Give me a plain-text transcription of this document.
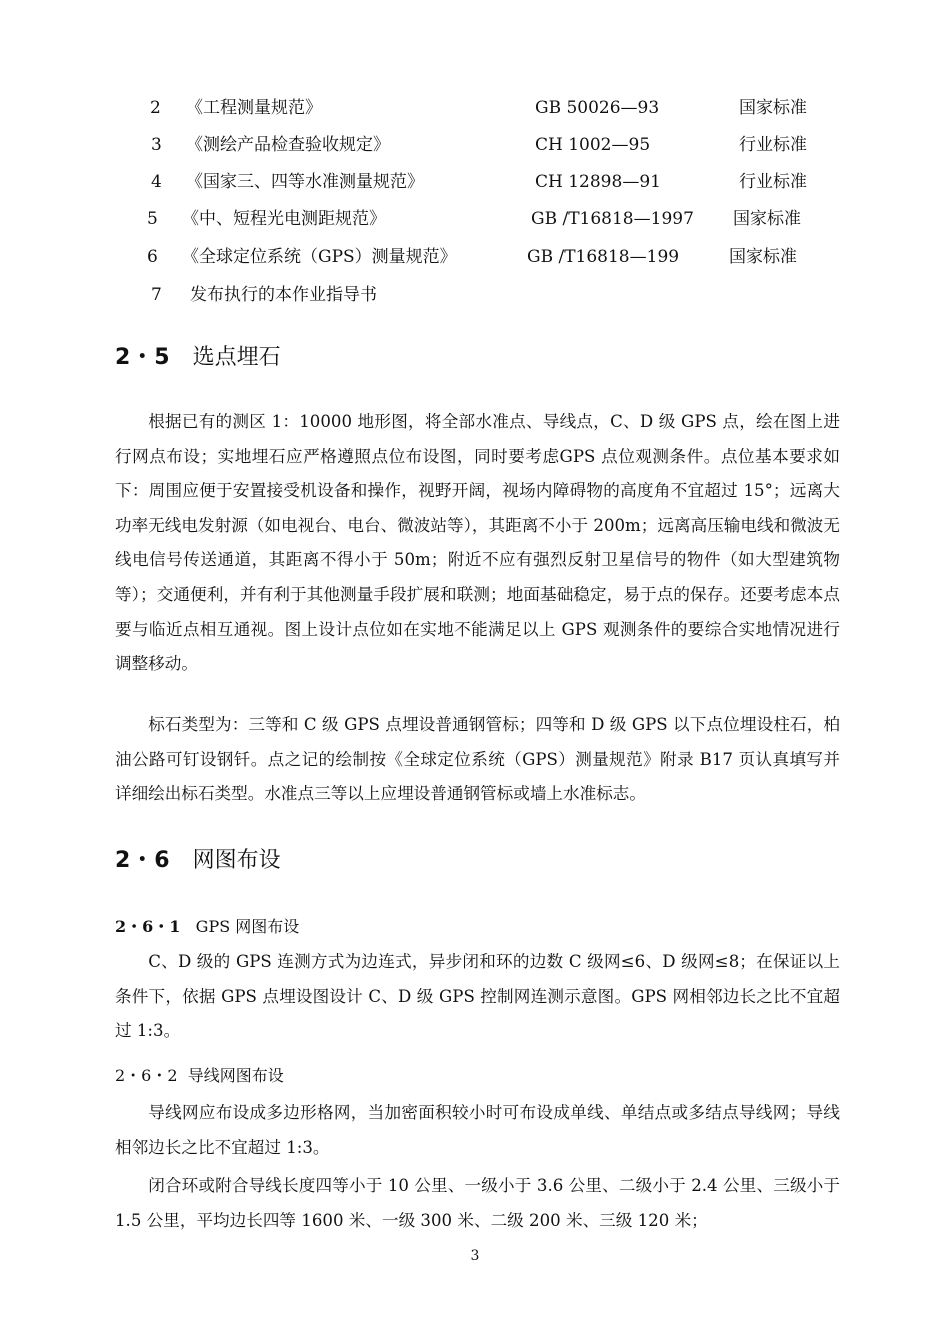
2 《工程测量规范》	GB 50026—93	国家标准
3 《测绘产品检查验收规定》	CH 1002—95	行业标准
4 《国家三、四等水准测量规范》	CH 12898—91	行业标准
5 《中、短程光电测距规范》	GB /T16818—1997 国家标准
6 《全球定位系统（GPS）测量规范》	GB /T16818—199	国家标准
7 发布执行的本作业指导书
2・5 选点埋石

根据已有的测区 1：10000 地形图，将全部水准点、导线点，C、D 级 GPS 点，绘在图上进行网点布设；实地埋石应严格遵照点位布设图，同时要考虑GPS 点位观测条件。点位基本要求如下：周围应便于安置接受机设备和操作，视野开阔，视场内障碍物的高度角不宜超过 15°；远离大功率无线电发射源（如电视台、电台、微波站等），其距离不小于 200m；远离高压输电线和微波无线电信号传送通道，其距离不得小于 50m；附近不应有强烈反射卫星信号的物件（如大型建筑物等）；交通便利，并有利于其他测量手段扩展和联测；地面基础稳定，易于点的保存。还要考虑本点要与临近点相互通视。图上设计点位如在实地不能满足以上 GPS 观测条件的要综合实地情况进行调整移动。

标石类型为：三等和 C 级 GPS 点埋设普通钢管标；四等和 D 级 GPS 以下点位埋设柱石，柏油公路可钉设钢钎。点之记的绘制按《全球定位系统（GPS）测量规范》附录 B17 页认真填写并详细绘出标石类型。水准点三等以上应埋设普通钢管标或墙上水准标志。

2・6 网图布设
2・6・1 GPS 网图布设

C、D 级的 GPS 连测方式为边连式，异步闭和环的边数 C 级网≤6、D 级网≤8；在保证以上条件下，依据 GPS 点埋设图设计 C、D 级 GPS 控制网连测示意图。GPS 网相邻边长之比不宜超过 1:3。

2・6・2  导线网图布设

导线网应布设成多边形格网，当加密面积较小时可布设成单线、单结点或多结点导线网；导线相邻边长之比不宜超过 1:3。

闭合环或附合导线长度四等小于 10 公里、一级小于 3.6 公里、二级小于 2.4 公里、三级小于 1.5 公里，平均边长四等 1600 米、一级 300 米、二级 200 米、三级 120 米；

3
